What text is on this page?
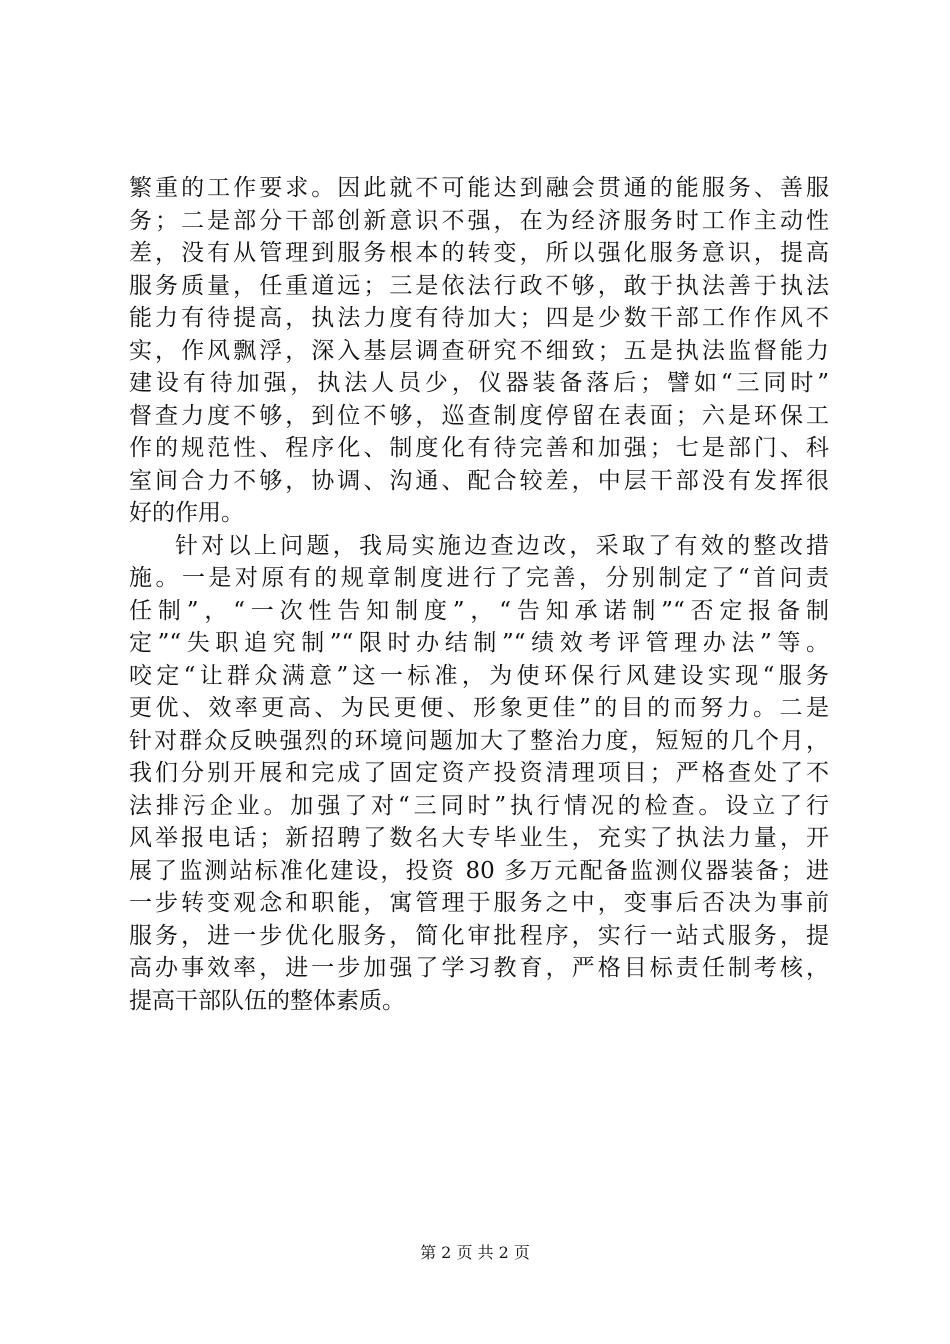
繁重的工作要求。因此就不可能达到融会贯通的能服务、善服
务；二是部分干部创新意识不强，在为经济服务时工作主动性
差，没有从管理到服务根本的转变，所以强化服务意识，提高
服务质量，任重道远；三是依法行政不够，敢于执法善于执法
能力有待提高，执法力度有待加大；四是少数干部工作作风不
实，作风飘浮，深入基层调查研究不细致；五是执法监督能力
建设有待加强，执法人员少，仪器装备落后；譬如“三同时”
督查力度不够，到位不够，巡查制度停留在表面；六是环保工
作的规范性、程序化、制度化有待完善和加强；七是部门、科
室间合力不够，协调、沟通、配合较差，中层干部没有发挥很
好的作用。
针对以上问题，我局实施边查边改，采取了有效的整改措
施。一是对原有的规章制度进行了完善，分别制定了“首问责
任制”，“一次性告知制度”，“告知承诺制”“否定报备制
定”“失职追究制”“限时办结制”“绩效考评管理办法”等。
咬定“让群众满意”这一标准，为使环保行风建设实现“服务
更优、效率更高、为民更便、形象更佳”的目的而努力。二是
针对群众反映强烈的环境问题加大了整治力度，短短的几个月，
我们分别开展和完成了固定资产投资清理项目；严格查处了不
法排污企业。加强了对“三同时”执行情况的检查。设立了行
风举报电话；新招聘了数名大专毕业生，充实了执法力量，开
展了监测站标准化建设，投资 80 多万元配备监测仪器装备；进
一步转变观念和职能，寓管理于服务之中，变事后否决为事前
服务，进一步优化服务，简化审批程序，实行一站式服务，提
高办事效率，进一步加强了学习教育，严格目标责任制考核，
提高干部队伍的整体素质。
第 2 页 共 2 页
